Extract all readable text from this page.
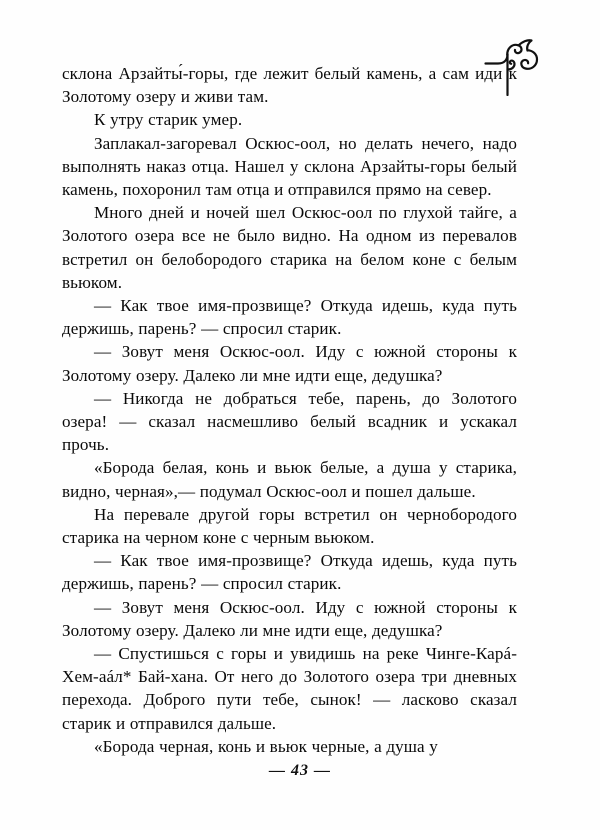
склона Арзайты́-горы, где лежит белый камень, а сам иди к Золотому озеру и живи там.

К утру старик умер.

Заплакал-загоревал Оскюс-оол, но делать нечего, надо выполнять наказ отца. Нашел у склона Арзайты-горы белый камень, похоронил там отца и отправился прямо на север.

Много дней и ночей шел Оскюс-оол по глухой тайге, а Золотого озера все не было видно. На одном из перевалов встретил он белобородого старика на белом коне с белым вьюком.

— Как твое имя-прозвище? Откуда идешь, куда путь держишь, парень? — спросил старик.

— Зовут меня Оскюс-оол. Иду с южной стороны к Золотому озеру. Далеко ли мне идти еще, дедушка?

— Никогда не добраться тебе, парень, до Золотого озера! — сказал насмешливо белый всадник и ускакал прочь.

«Борода белая, конь и вьюк белые, а душа у старика, видно, черная»,— подумал Оскюс-оол и пошел дальше.

На перевале другой горы встретил он чернобородого старика на черном коне с черным вьюком.

— Как твое имя-прозвище? Откуда идешь, куда путь держишь, парень? — спросил старик.

— Зовут меня Оскюс-оол. Иду с южной стороны к Золотому озеру. Далеко ли мне идти еще, дедушка?

— Спустишься с горы и увидишь на реке Чинге-Карá-Хем-аáл* Бай-хана. От него до Золотого озера три дневных перехода. Доброго пути тебе, сынок! — ласково сказал старик и отправился дальше.

«Борода черная, конь и вьюк черные, а душа у

— 43 —
